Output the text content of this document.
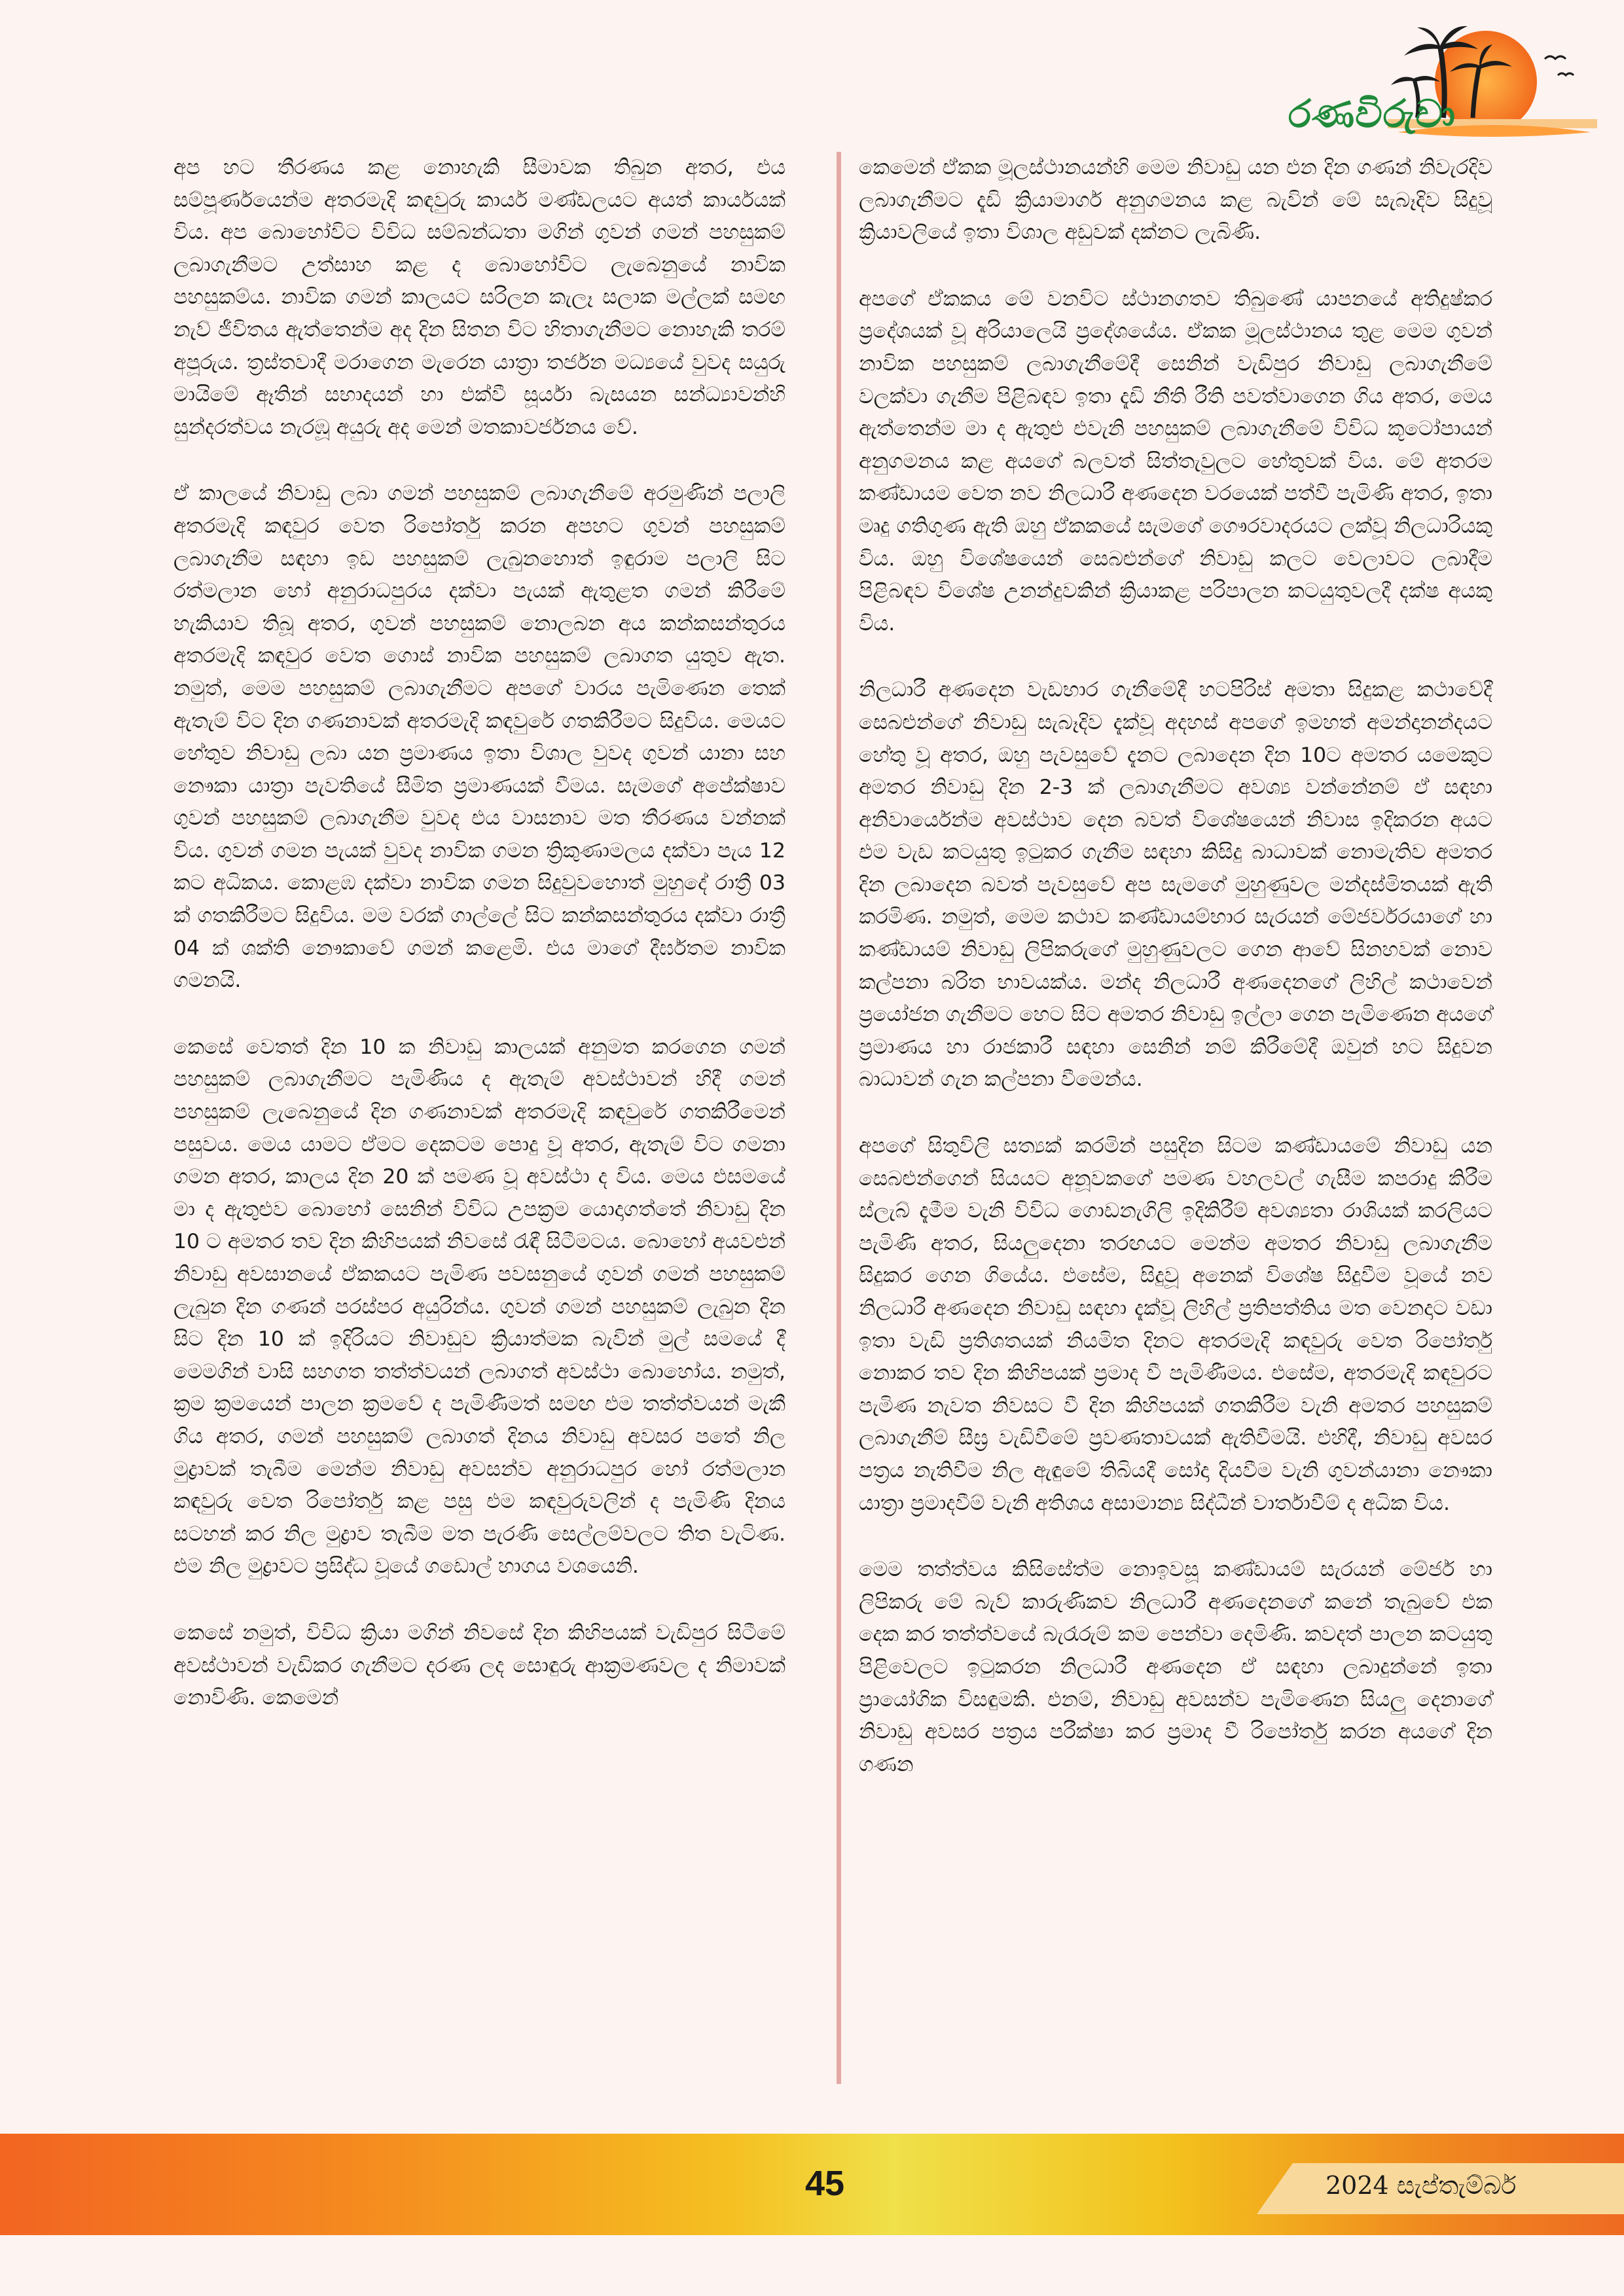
රණවිරුවා

අප හට තීරණය කළ නොහැකි සීමාවක තිබුන අතර, එය සම්පූර්ණයෙන්ම අතරමැදි කඳවුරු කාර්ය මණ්ඩලයට අයත් කාර්යයක් විය. අප බොහෝවිට විවිධ සම්බන්ධතා මගින් ගුවන් ගමන් පහසුකම් ලබාගැනීමට උත්සාහ කළ ද බොහෝවිට ලැබෙනුයේ නාවික පහසුකම්ය. නාවික ගමන් කාලයට සරිලන කැලෑ සලාක මල්ලක් සමඟ නැව් ජීවිතය ඇත්තෙන්ම අද දින සිතන විට හිතාගැනීමට නොහැකි තරම් අපූරුය. ත්‍රස්තවාදී මරාගෙන මැරෙන යාත්‍රා තර්ජන මධ්‍යයේ වුවද සයුරු මායිමේ ඈතින් සභාදයන් හා එක්වී සූර්යා බැසයන සන්ධ්‍යාවන්හි සුන්දරත්වය නැරඹූ අයුරු අද මෙන් මතකාවර්ජනය වේ.

ඒ කාලයේ නිවාඩු ලබා ගමන් පහසුකම් ලබාගැනීමේ අරමුණින් පලාලි අතරමැදි කඳවුර වෙත රිපෝර්තු කරන අපහට ගුවන් පහසුකම් ලබාගැනීම සඳහා ඉඩ පහසුකම් ලැබුනහොත් ඉඳුරාම පලාලි සිට රත්මලාන හෝ අනුරාධපුරය දක්වා පැයක් ඇතුළත ගමන් කිරීමේ හැකියාව තිබූ අතර, ගුවන් පහසුකම් නොලබන අය කන්කසන්තුරය අතරමැදි කඳවුර වෙත ගොස් නාවික පහසුකම් ලබාගත යුතුව ඇත. නමුත්, මෙම පහසුකම් ලබාගැනීමට අපගේ වාරය පැමිණෙන තෙක් ඇතැම් විට දින ගණනාවක් අතරමැදි කඳවුරේ ගතකිරීමට සිදුවිය. මෙයට හේතුව නිවාඩු ලබා යන ප්‍රමාණය ඉතා විශාල වුවද ගුවන් යානා සහ නෞකා යාත්‍රා පැවතියේ සීමිත ප්‍රමාණයක් වීමය. සැමගේ අපේක්ෂාව ගුවන් පහසුකම් ලබාගැනීම වුවද එය වාසනාව මත තීරණය වන්නක් විය. ගුවන් ගමන පැයක් වුවද නාවික ගමන ත්‍රිකුණාමලය දක්වා පැය 12 කට අධිකය. කොළඹ දක්වා නාවික ගමන සිදුවුවහොත් මුහුදේ රාත්‍රී 03 ක් ගතකිරීමට සිදුවිය. මම වරක් ගාල්ලේ සිට කන්කසන්තුරය දක්වා රාත්‍රී 04 ක් ශක්ති නෞකාවේ ගමන් කළෙමි. එය මාගේ දීර්ඝතම නාවික ගමනයි.

කෙසේ වෙතත් දින 10 ක නිවාඩු කාලයක් අනුමත කරගෙන ගමන් පහසුකම් ලබාගැනීමට පැමිණිය ද ඇතැම් අවස්ථාවන් හිදී ගමන් පහසුකම් ලැබෙනුයේ දින ගණනාවක් අතරමැදි කඳවුරේ ගතකිරීමෙන් පසුවය. මෙය යාමට ඒමට දෙකටම පොදු වූ අතර, ඇතැම් විට ගමනා ගමන අතර, කාලය දින 20 ක් පමණ වූ අවස්ථා ද විය. මෙය එසමයේ මා ද ඇතුළුව බොහෝ සෙනින් විවිධ උපක්‍රම යොදාගත්තේ නිවාඩු දින 10 ට අමතර තව දින කිහිපයක් නිවසේ රැඳී සිටීමටය. බොහෝ අයවළුන් නිවාඩු අවසානයේ ඒකකයට පැමිණ පවසනුයේ ගුවන් ගමන් පහසුකම් ලැබුන දින ගණන් පරස්පර අයුරින්ය. ගුවන් ගමන් පහසුකම් ලැබුන දින සිට දින 10 ක් ඉදිරියට නිවාඩුව ක්‍රියාත්මක බැවින් මුල් සමයේ දී මෙමගින් වාසි සහගත තත්ත්වයන් ලබාගත් අවස්ථා බොහෝය. නමුත්, ක්‍රම ක්‍රමයෙන් පාලන ක්‍රමවේ ද පැමිණීමත් සමඟ එම තත්ත්වයන් මැකී ගිය අතර, ගමන් පහසුකම් ලබාගත් දිනය නිවාඩු අවසර පතේ නිල මුද්‍රාවක් තැබීම මෙන්ම නිවාඩු අවසන්ව අනුරාධපුර හෝ රත්මලාන කඳවුරු වෙත රිපෝර්තු කළ පසු එම කඳවුරුවලින් ද පැමිණි දිනය සටහන් කර නිල මුද්‍රාව තැබීම මත පැරණි සෙල්ලම්වලට තිත වැටිණ. එම නිල මුද්‍රාවට ප්‍රසිද්ධ වූයේ ගඩොල් හාගය වශයෙනි.

කෙසේ නමුත්, විවිධ ක්‍රියා මගින් නිවසේ දින කිහිපයක් වැඩිපුර සිටීමේ අවස්ථාවන් වැඩිකර ගැනීමට දරණ ලද සොඳුරු ආක්‍රමණවල ද නිමාවක් නොවිණි. කෙමෙන්

කෙමෙන් ඒකක මූලස්ථානයන්හි මෙම නිවාඩු යන එන දින ගණන් නිවැරදිව ලබාගැනීමට දැඩි ක්‍රියාමාර්ග අනුගමනය කළ බැවින් මේ සැබෑදිව සිදුවූ ක්‍රියාවලියේ ඉතා විශාල අඩුවක් දක්නට ලැබිණි.

අපගේ ඒකකය මේ වනවිට ස්ථානගතව තිබුණේ යාපනයේ අතිදුෂ්කර ප්‍රදේශයක් වූ අරියාලෙයි ප්‍රදේශයේය. ඒකක මූලස්ථානය තුළ මෙම ගුවන් නාවික පහසුකම් ලබාගැනීමේදී සෙනින් වැඩිපුර නිවාඩු ලබාගැනීමේ වලක්වා ගැනීම පිළිබඳව ඉතා දැඩි නීති රීති පවත්වාගෙන ගිය අතර, මෙය ඇත්තෙන්ම මා ද ඇතුළු එවැනි පහසුකම් ලබාගැනීමේ විවිධ කූටෝපායන් අනුගමනය කළ අයගේ බලවත් සිත්තැවුලට හේතුවක් විය. මේ අතරම කණ්ඩායම වෙත නව නිලධාරී අණදෙන වරයෙක් පත්වී පැමිණි අතර, ඉතා මෘදු ගතිගුණ ඇති ඔහු ඒකකයේ සැමගේ ගෞරවාදරයට ලක්වූ නිලධාරියකු විය. ඔහු විශේෂයෙන් සෙබළුන්ගේ නිවාඩු කලට වෙලාවට ලබාදීම පිළිබඳව විශේෂ උනන්දුවකින් ක්‍රියාකළ පරිපාලන කටයුතුවලදී දක්ෂ අයකු විය.

නිලධාරී අණදෙන වැඩභාර ගැනීමේදී හටපිරිස් අමතා සිදුකළ කථාවේදී සෙබළුන්ගේ නිවාඩු සැබෑදිව දැක්වූ අදහස් අපගේ ඉමහත් අමන්දානන්දයට හේතු වූ අතර, ඔහු පැවසුවේ දැනට ලබාදෙන දින 10ට අමතර යමෙකුට අමතර නිවාඩු දින 2-3 ක් ලබාගැනීමට අවශ්‍ය වන්නේනම් ඒ සඳහා අනිවාර්යෙන්ම අවස්ථාව දෙන බවත් විශේෂයෙන් නිවාස ඉදිකරන අයට එම වැඩ කටයුතු ඉටුකර ගැනීම සඳහා කිසිදු බාධාවක් නොමැතිව අමතර දින ලබාදෙන බවත් පැවසුවේ අප සැමගේ මුහුණුවල මන්දස්මිතයක් ඇති කරමිණ. නමුත්, මෙම කථාව කණ්ඩායම්භාර සැරයන් මේජර්වරයාගේ හා කණ්ඩායම් නිවාඩු ලිපිකරුගේ මුහුණුවලට ගෙන ආවේ සිනහවක් නොව කල්පනා බරිත භාවයක්ය. මන්ද නිලධාරී අණදෙනගේ ලිහිල් කථාවෙන් ප්‍රයෝජන ගැනීමට හෙට සිට අමතර නිවාඩු ඉල්ලා ගෙන පැමිණෙන අයගේ ප්‍රමාණය හා රාජකාරී සඳහා සෙනින් නම් කිරීමේදී ඔවුන් හට සිදුවන බාධාවන් ගැන කල්පනා වීමෙන්ය.

අපගේ සිතුවිලි සත්‍යක් කරමින් පසුදින සිටම කණ්ඩායමේ නිවාඩු යන සෙබළුන්ගෙන් සියයට අනූවකගේ පමණ වහලවල් ගැසීම කපරාදු කිරීම ස්ලැබ් දැමීම වැනි විවිධ ගොඩනැගිලි ඉදිකිරීම් අවශ්‍යතා රාශියක් කරලියට පැමිණි අතර, සියලුදෙනා තරඟයට මෙන්ම අමතර නිවාඩු ලබාගැනීම සිදුකර ගෙන ගියේය. එසේම, සිදුවූ අනෙක් විශේෂ සිදුවීම වූයේ නව නිලධාරී අණදෙන නිවාඩු සඳහා දැක්වූ ලිහිල් ප්‍රතිපත්තිය මත වෙනදාට වඩා ඉතා වැඩි ප්‍රතිශතයක් නියමිත දිනට අතරමැදි කඳවුරු වෙත රිපෝර්තු නොකර තව දින කිහිපයක් ප්‍රමාද වී පැමිණීමය. එසේම, අතරමැදි කඳවුරට පැමිණ නැවත නිවසට වී දින කිහිපයක් ගතකිරීම වැනි අමතර පහසුකම් ලබාගැනීම් සීඝ්‍ර වැඩිවීමේ ප්‍රවණතාවයක් ඇතිවීමයි. එහිදී, නිවාඩු අවසර පත්‍රය නැතිවීම නිල ඇඳුමේ තිබියදී සෝදා දියවීම වැනි ගුවන්යානා නෞකා යාත්‍රා ප්‍රමාදවීම් වැනි අතිශය අසාමාන්‍ය සිද්ධීන් වාර්තාවීම් ද අධික විය.

මෙම තත්ත්වය කිසිසේත්ම නොඉවසූ කණ්ඩායම් සැරයන් මේජර් හා ලිපිකරු මේ බැව් කාරුණිකව නිලධාරී අණදෙනගේ කනේ තැබුවේ එක දෙක කර තත්ත්වයේ බැරෑරුම් කම පෙන්වා දෙමිණි. කවදත් පාලන කටයුතු පිළිවෙලට ඉටුකරන නිලධාරී අණදෙන ඒ සඳහා ලබාදුන්නේ ඉතා ප්‍රායෝගික විසඳුමකි. එනම්, නිවාඩු අවසන්ව පැමිණෙන සියලු දෙනාගේ නිවාඩු අවසර පත්‍රය පරීක්ෂා කර ප්‍රමාද වී රිපෝර්තු කරන අයගේ දින ගණන

45	2024 සැප්තැම්බර්
